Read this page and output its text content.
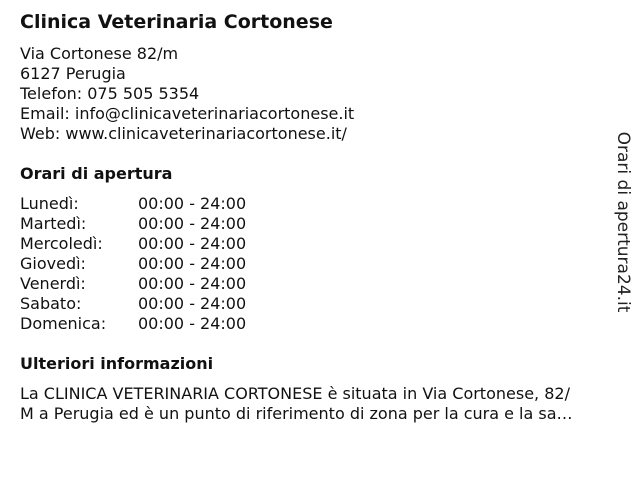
Clinica Veterinaria Cortonese
Via Cortonese 82/m
6127 Perugia
Telefon: 075 505 5354
Email: info@clinicaveterinariacortonese.it
Web: www.clinicaveterinariacortonese.it/
Orari di apertura
Lunedì:	00:00 - 24:00
Martedì:	00:00 - 24:00
Mercoledì: 00:00 - 24:00
Giovedì:	00:00 - 24:00
Venerdì:	00:00 - 24:00
Sabato:	00:00 - 24:00
Domenica: 00:00 - 24:00
Ulteriori informazioni
La CLINICA VETERINARIA CORTONESE è situata in Via Cortonese, 82/
M a Perugia ed è un punto di riferimento di zona per la cura e la sa…
Orari di apertura24.it
